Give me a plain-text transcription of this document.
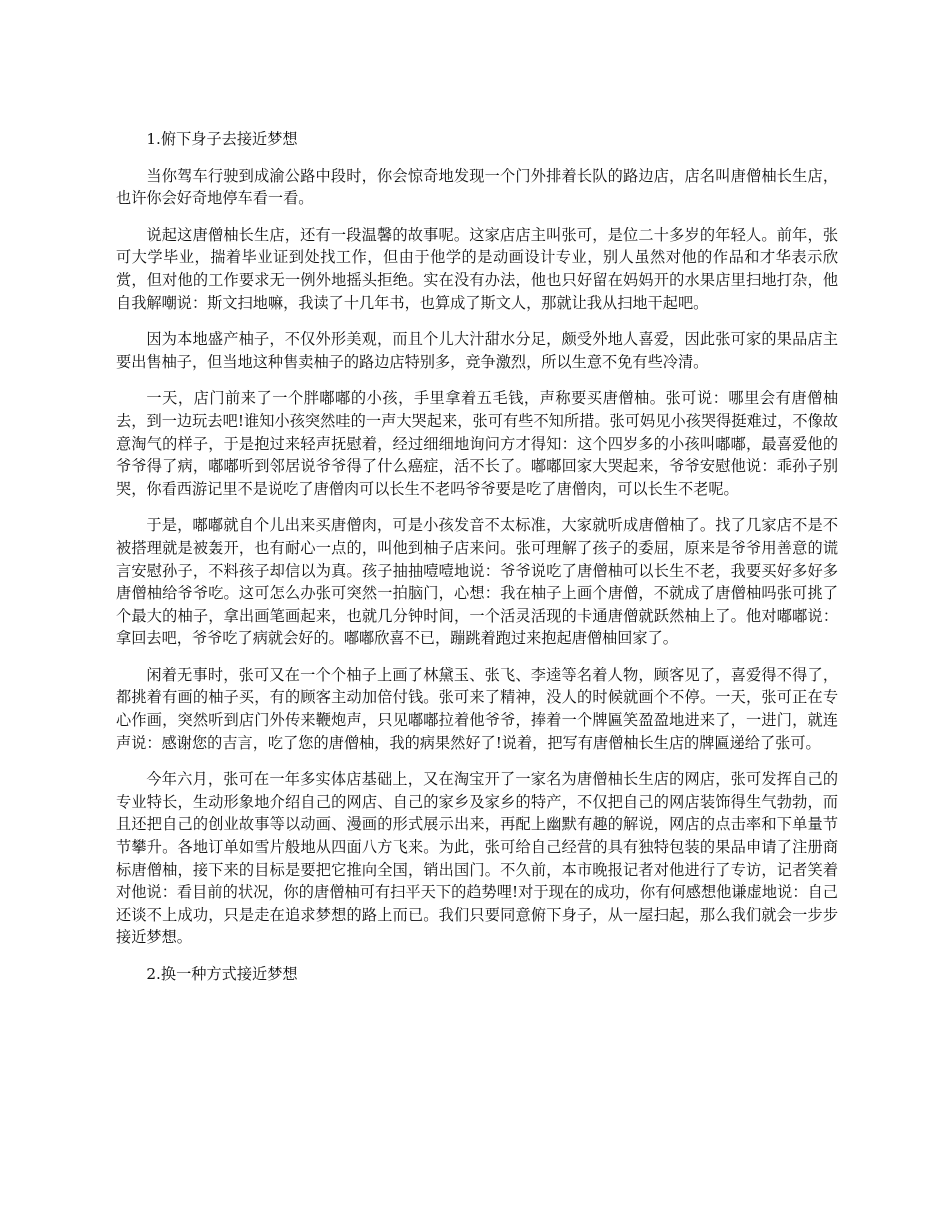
1.俯下身子去接近梦想

当你驾车行驶到成渝公路中段时，你会惊奇地发现一个门外排着长队的路边店，店名叫唐僧柚长生店，也许你会好奇地停车看一看。

说起这唐僧柚长生店，还有一段温馨的故事呢。这家店店主叫张可，是位二十多岁的年轻人。前年，张可大学毕业，揣着毕业证到处找工作，但由于他学的是动画设计专业，别人虽然对他的作品和才华表示欣赏，但对他的工作要求无一例外地摇头拒绝。实在没有办法，他也只好留在妈妈开的水果店里扫地打杂，他自我解嘲说：斯文扫地嘛，我读了十几年书，也算成了斯文人，那就让我从扫地干起吧。

因为本地盛产柚子，不仅外形美观，而且个儿大汁甜水分足，颇受外地人喜爱，因此张可家的果品店主要出售柚子，但当地这种售卖柚子的路边店特别多，竞争激烈，所以生意不免有些冷清。

一天，店门前来了一个胖嘟嘟的小孩，手里拿着五毛钱，声称要买唐僧柚。张可说：哪里会有唐僧柚去，到一边玩去吧!谁知小孩突然哇的一声大哭起来，张可有些不知所措。张可妈见小孩哭得挺难过，不像故意淘气的样子，于是抱过来轻声抚慰着，经过细细地询问方才得知：这个四岁多的小孩叫嘟嘟，最喜爱他的爷爷得了病，嘟嘟听到邻居说爷爷得了什么癌症，活不长了。嘟嘟回家大哭起来，爷爷安慰他说：乖孙子别哭，你看西游记里不是说吃了唐僧肉可以长生不老吗爷爷要是吃了唐僧肉，可以长生不老呢。

于是，嘟嘟就自个儿出来买唐僧肉，可是小孩发音不太标准，大家就听成唐僧柚了。找了几家店不是不被搭理就是被轰开，也有耐心一点的，叫他到柚子店来问。张可理解了孩子的委屈，原来是爷爷用善意的谎言安慰孙子，不料孩子却信以为真。孩子抽抽噎噎地说：爷爷说吃了唐僧柚可以长生不老，我要买好多好多唐僧柚给爷爷吃。这可怎么办张可突然一拍脑门，心想：我在柚子上画个唐僧，不就成了唐僧柚吗张可挑了个最大的柚子，拿出画笔画起来，也就几分钟时间，一个活灵活现的卡通唐僧就跃然柚上了。他对嘟嘟说：拿回去吧，爷爷吃了病就会好的。嘟嘟欣喜不已，蹦跳着跑过来抱起唐僧柚回家了。

闲着无事时，张可又在一个个柚子上画了林黛玉、张飞、李逵等名着人物，顾客见了，喜爱得不得了，都挑着有画的柚子买，有的顾客主动加倍付钱。张可来了精神，没人的时候就画个不停。一天，张可正在专心作画，突然听到店门外传来鞭炮声，只见嘟嘟拉着他爷爷，捧着一个牌匾笑盈盈地进来了，一进门，就连声说：感谢您的吉言，吃了您的唐僧柚，我的病果然好了!说着，把写有唐僧柚长生店的牌匾递给了张可。

今年六月，张可在一年多实体店基础上，又在淘宝开了一家名为唐僧柚长生店的网店，张可发挥自己的专业特长，生动形象地介绍自己的网店、自己的家乡及家乡的特产，不仅把自己的网店装饰得生气勃勃，而且还把自己的创业故事等以动画、漫画的形式展示出来，再配上幽默有趣的解说，网店的点击率和下单量节节攀升。各地订单如雪片般地从四面八方飞来。为此，张可给自己经营的具有独特包装的果品申请了注册商标唐僧柚，接下来的目标是要把它推向全国，销出国门。不久前，本市晚报记者对他进行了专访，记者笑着对他说：看目前的状况，你的唐僧柚可有扫平天下的趋势哩!对于现在的成功，你有何感想他谦虚地说：自己还谈不上成功，只是走在追求梦想的路上而已。我们只要同意俯下身子，从一屋扫起，那么我们就会一步步接近梦想。

2.换一种方式接近梦想
